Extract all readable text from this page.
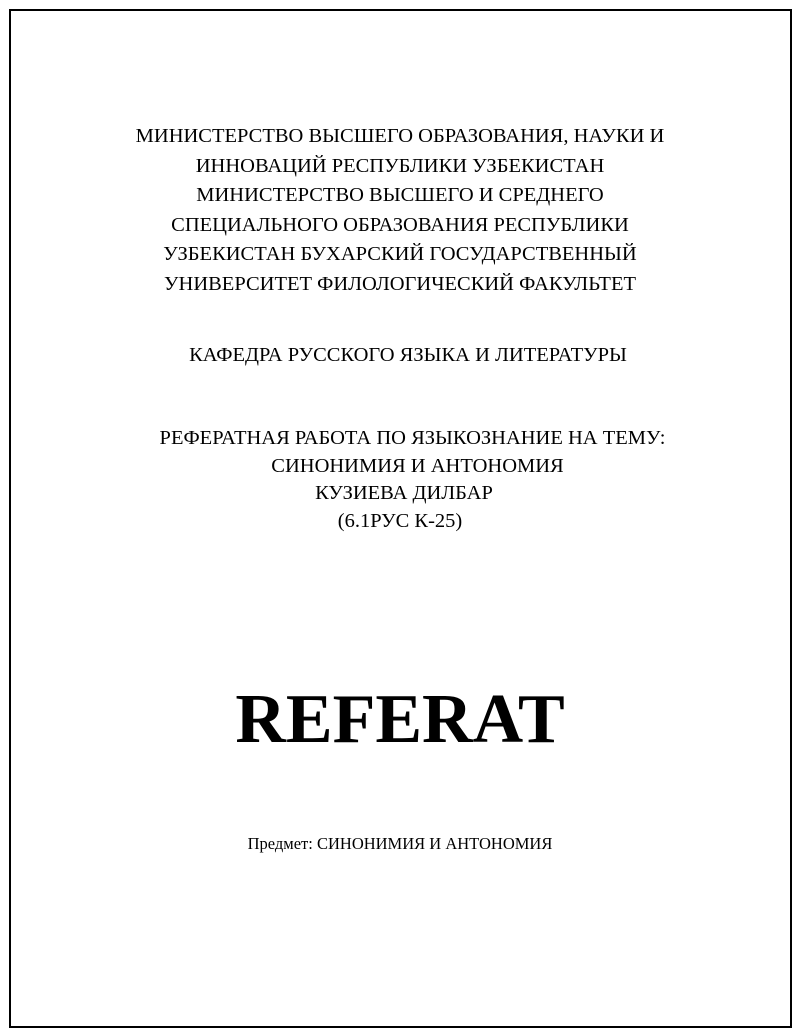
МИНИСТЕРСТВО ВЫСШЕГО ОБРАЗОВАНИЯ, НАУКИ И
ИННОВАЦИЙ РЕСПУБЛИКИ УЗБЕКИСТАН
МИНИСТЕРСТВО ВЫСШЕГО И СРЕДНЕГО
СПЕЦИАЛЬНОГО ОБРАЗОВАНИЯ РЕСПУБЛИКИ
УЗБЕКИСТАН БУХАРСКИЙ ГОСУДАРСТВЕННЫЙ
УНИВЕРСИТЕТ ФИЛОЛОГИЧЕСКИЙ ФАКУЛЬТЕТ
КАФЕДРА РУССКОГО ЯЗЫКА И ЛИТЕРАТУРЫ
РЕФЕРАТНАЯ РАБОТА ПО ЯЗЫКОЗНАНИЕ НА ТЕМУ:
СИНОНИМИЯ И АНТОНОМИЯ
КУЗИЕВА ДИЛБАР
(6.1РУС К-25)
REFERAT
Предмет: СИНОНИМИЯ И АНТОНОМИЯ
